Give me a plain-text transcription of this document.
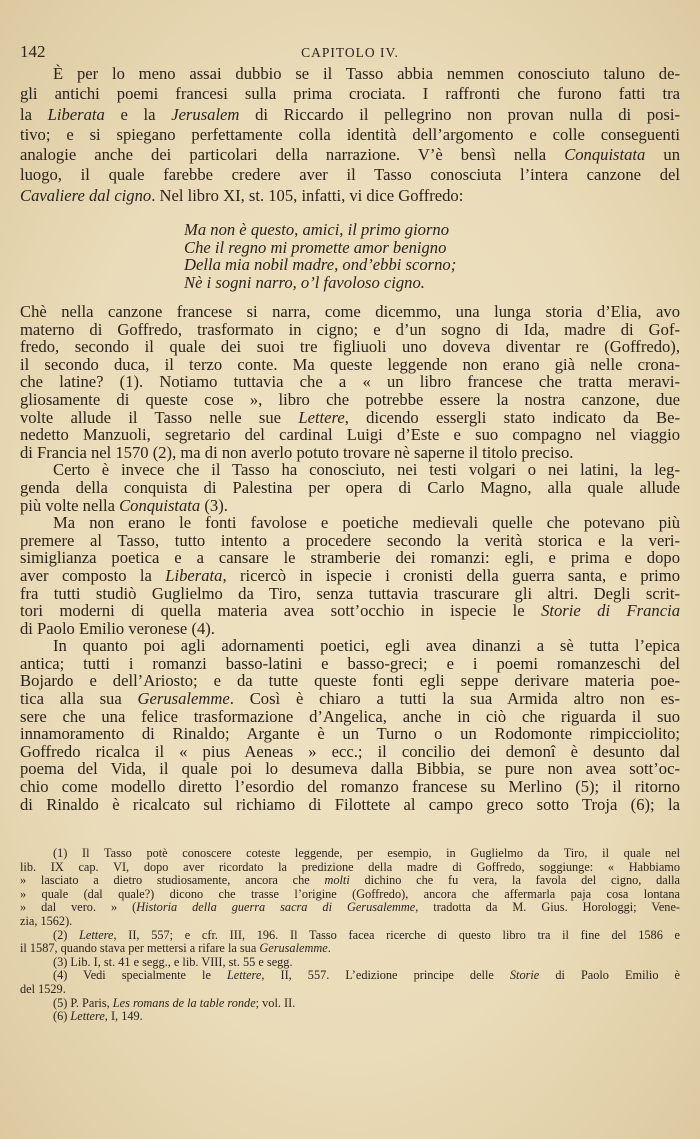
142	CAPITOLO IV.
È per lo meno assai dubbio se il Tasso abbia nemmen conosciuto taluno de-
gli antichi poemi francesi sulla prima crociata. I raffronti che furono fatti tra
la Liberata e la Jerusalem di Riccardo il pellegrino non provan nulla di posi-
tivo; e si spiegano perfettamente colla identità dell’argomento e colle conseguenti
analogie anche dei particolari della narrazione. V’è bensì nella Conquistata un
luogo, il quale farebbe credere aver il Tasso conosciuta l’intera canzone del
Cavaliere dal cigno. Nel libro XI, st. 105, infatti, vi dice Goffredo:
Ma non è questo, amici, il primo giorno
Che il regno mi promette amor benigno
Della mia nobil madre, ond’ebbi scorno;
Nè i sogni narro, o’l favoloso cigno.
Chè nella canzone francese si narra, come dicemmo, una lunga storia d’Elia, avo
materno di Goffredo, trasformato in cigno; e d’un sogno di Ida, madre di Gof-
fredo, secondo il quale dei suoi tre figliuoli uno doveva diventar re (Goffredo),
il secondo duca, il terzo conte. Ma queste leggende non erano già nelle crona-
che latine? (1). Notiamo tuttavia che a « un libro francese che tratta meravi-
gliosamente di queste cose », libro che potrebbe essere la nostra canzone, due
volte allude il Tasso nelle sue Lettere, dicendo essergli stato indicato da Be-
nedetto Manzuoli, segretario del cardinal Luigi d’Este e suo compagno nel viaggio
di Francia nel 1570 (2), ma di non averlo potuto trovare nè saperne il titolo preciso.
Certo è invece che il Tasso ha conosciuto, nei testi volgari o nei latini, la leg-
genda della conquista di Palestina per opera di Carlo Magno, alla quale allude
più volte nella Conquistata (3).
Ma non erano le fonti favolose e poetiche medievali quelle che potevano più
premere al Tasso, tutto intento a procedere secondo la verità storica e la veri-
simiglianza poetica e a cansare le stramberie dei romanzi: egli, e prima e dopo
aver composto la Liberata, ricercò in ispecie i cronisti della guerra santa, e primo
fra tutti studiò Guglielmo da Tiro, senza tuttavia trascurare gli altri. Degli scrit-
tori moderni di quella materia avea sott’occhio in ispecie le Storie di Francia
di Paolo Emilio veronese (4).
In quanto poi agli adornamenti poetici, egli avea dinanzi a sè tutta l’epica
antica; tutti i romanzi basso-latini e basso-greci; e i poemi romanzeschi del
Bojardo e dell’Ariosto; e da tutte queste fonti egli seppe derivare materia poe-
tica alla sua Gerusalemme. Così è chiaro a tutti la sua Armida altro non es-
sere che una felice trasformazione d’Angelica, anche in ciò che riguarda il suo
innamoramento di Rinaldo; Argante è un Turno o un Rodomonte rimpicciolito;
Goffredo ricalca il « pius Aeneas » ecc.; il concilio dei demonî è desunto dal
poema del Vida, il quale poi lo desumeva dalla Bibbia, se pure non avea sott’oc-
chio come modello diretto l’esordio del romanzo francese su Merlino (5); il ritorno
di Rinaldo è ricalcato sul richiamo di Filottete al campo greco sotto Troja (6); la
(1) Il Tasso potè conoscere coteste leggende, per esempio, in Guglielmo da Tiro, il quale nel
lib. IX cap. VI, dopo aver ricordato la predizione della madre di Goffredo, soggiunge: « Habbiamo
» lasciato a dietro studiosamente, ancora che molti dichino che fu vera, la favola del cigno, dalla
» quale (dal quale?) dicono che trasse l’origine (Goffredo), ancora che affermarla paja cosa lontana
» dal vero. » (Historia della guerra sacra di Gerusalemme, tradotta da M. Gius. Horologgi; Vene-
zia, 1562).
(2) Lettere, II, 557; e cfr. III, 196. Il Tasso facea ricerche di questo libro tra il fine del 1586 e
il 1587, quando stava per mettersi a rifare la sua Gerusalemme.
(3) Lib. I, st. 41 e segg., e lib. VIII, st. 55 e segg.
(4) Vedi specialmente le Lettere, II, 557. L’edizione principe delle Storie di Paolo Emilio è
del 1529.
(5) P. Paris, Les romans de la table ronde; vol. II.
(6) Lettere, I, 149.
